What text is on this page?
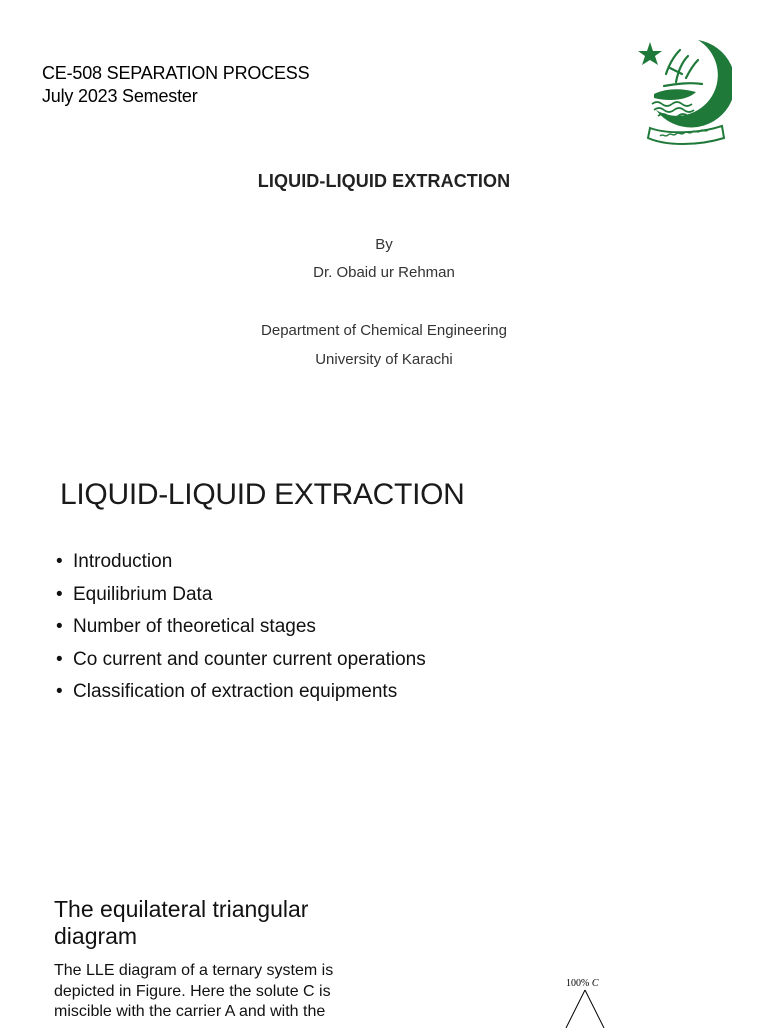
CE-508 SEPARATION PROCESS
July 2023 Semester
LIQUID-LIQUID EXTRACTION
By
Dr. Obaid ur Rehman
Department of Chemical Engineering
University of Karachi
LIQUID-LIQUID EXTRACTION
• Introduction
• Equilibrium Data
• Number of theoretical stages
• Co current and counter current operations
• Classification of extraction equipments
The equilateral triangular diagram
The LLE diagram of a ternary system is depicted in Figure. Here the solute C is miscible with the carrier A and with the
100% C
